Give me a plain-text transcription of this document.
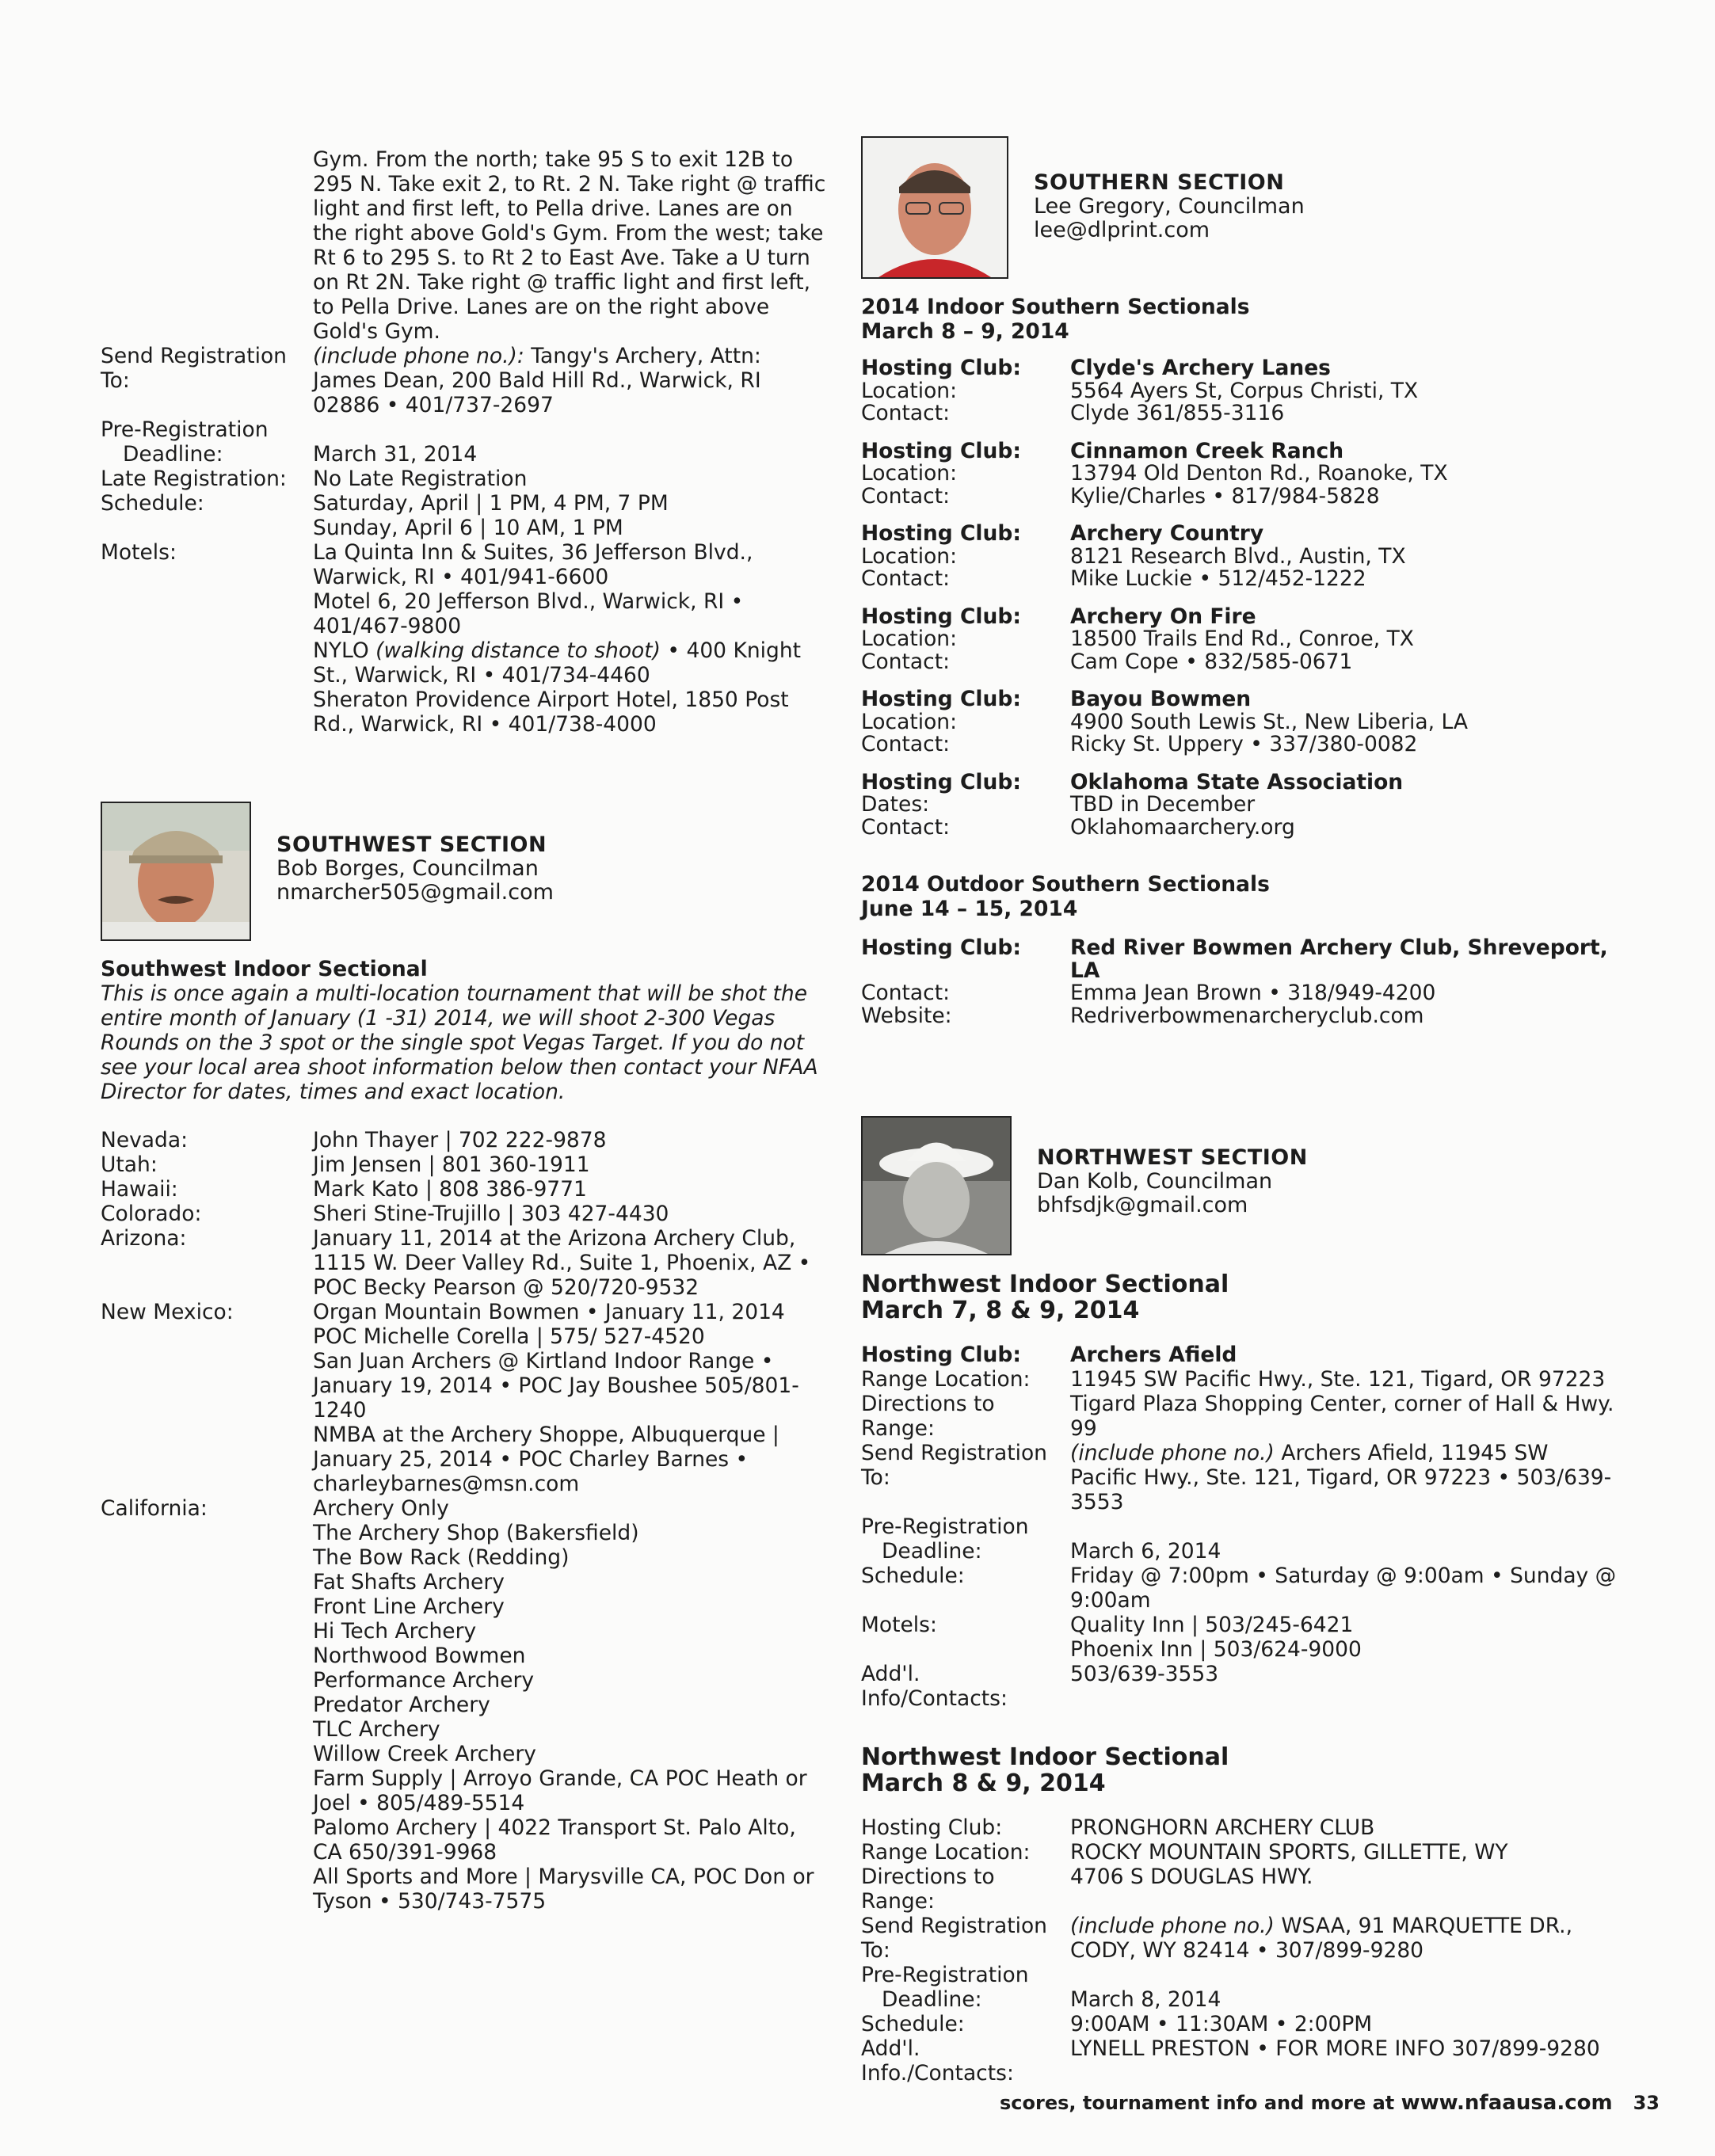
Gym. From the north; take 95 S to exit 12B to 295 N. Take exit 2, to Rt. 2 N. Take right @ traffic light and first left, to Pella drive. Lanes are on the right above Gold's Gym. From the west; take Rt 6 to 295 S. to Rt 2 to East Ave. Take a U turn on Rt 2N. Take right @ traffic light and first left, to Pella Drive. Lanes are on the right above Gold's Gym.
Send Registration To:
(include phone no.): Tangy's Archery, Attn: James Dean, 200 Bald Hill Rd., Warwick, RI 02886 • 401/737-2697
Pre-Registration
Deadline:
	March 31, 2014
Late Registration:	No Late Registration
Schedule:	Saturday, April | 1 PM, 4 PM, 7 PM
Sunday, April 6 | 10 AM, 1 PM
Motels:	La Quinta Inn & Suites, 36 Jefferson Blvd., Warwick, RI • 401/941-6600
Motel 6, 20 Jefferson Blvd., Warwick, RI • 401/467-9800
NYLO (walking distance to shoot) • 400 Knight St., Warwick, RI • 401/734-4460
Sheraton Providence Airport Hotel, 1850 Post Rd., Warwick, RI • 401/738-4000
SOUTHWEST SECTION
Bob Borges, Councilman
nmarcher505@gmail.com
Southwest Indoor Sectional
This is once again a multi-location tournament that will be shot the entire month of January (1 -31) 2014, we will shoot 2-300 Vegas Rounds on the 3 spot or the single spot Vegas Target. If you do not see your local area shoot information below then contact your NFAA Director for dates, times and exact location.
Nevada:	John Thayer | 702 222-9878
Utah:	Jim Jensen | 801 360-1911
Hawaii:	Mark Kato | 808 386-9771
Colorado:	Sheri Stine-Trujillo | 303 427-4430
Arizona:	January 11, 2014 at the Arizona Archery Club, 1115 W. Deer Valley Rd., Suite 1, Phoenix, AZ • POC Becky Pearson @ 520/720-9532
New Mexico:	Organ Mountain Bowmen • January 11, 2014 POC Michelle Corella | 575/ 527-4520
San Juan Archers @ Kirtland Indoor Range • January 19, 2014 • POC Jay Boushee 505/801-1240
NMBA at the Archery Shoppe, Albuquerque | January 25, 2014 • POC Charley Barnes • charleybarnes@msn.com
California:	Archery Only
The Archery Shop (Bakersfield)
The Bow Rack (Redding)
Fat Shafts Archery
Front Line Archery
Hi Tech Archery
Northwood Bowmen
Performance Archery
Predator Archery
TLC Archery
Willow Creek Archery
Farm Supply | Arroyo Grande, CA POC Heath or Joel • 805/489-5514
Palomo Archery | 4022 Transport St. Palo Alto, CA 650/391-9968
All Sports and More | Marysville CA, POC Don or Tyson • 530/743-7575
SOUTHERN SECTION
Lee Gregory, Councilman
lee@dlprint.com
2014 Indoor Southern Sectionals
March 8 – 9, 2014
Hosting Club:	Clyde's Archery Lanes
Location:	5564 Ayers St, Corpus Christi, TX
Contact:	Clyde 361/855-3116
Hosting Club:	Cinnamon Creek Ranch
Location:	13794 Old Denton Rd., Roanoke, TX
Contact:	Kylie/Charles • 817/984-5828
Hosting Club:	Archery Country
Location:	8121 Research Blvd., Austin, TX
Contact:	Mike Luckie • 512/452-1222
Hosting Club:	Archery On Fire
Location:	18500 Trails End Rd., Conroe, TX
Contact:	Cam Cope • 832/585-0671
Hosting Club:	Bayou Bowmen
Location:	4900 South Lewis St., New Liberia, LA
Contact:	Ricky St. Uppery • 337/380-0082
Hosting Club:	Oklahoma State Association
Dates:	TBD in December
Contact:	Oklahomaarchery.org
2014 Outdoor Southern Sectionals
June 14 – 15, 2014
Hosting Club:	Red River Bowmen Archery Club, Shreveport, LA
Contact:	Emma Jean Brown • 318/949-4200
Website:	Redriverbowmenarcheryclub.com
NORTHWEST SECTION
Dan Kolb, Councilman
bhfsdjk@gmail.com
Northwest Indoor Sectional
March 7, 8 & 9, 2014
Hosting Club:	Archers Afield
Range Location:	11945 SW Pacific Hwy., Ste. 121, Tigard, OR 97223
Directions to Range:
Tigard Plaza Shopping Center, corner of Hall & Hwy. 99
Send Registration To:
(include phone no.) Archers Afield, 11945 SW Pacific Hwy., Ste. 121, Tigard, OR 97223 • 503/639-3553
Pre-Registration
Deadline:
	March 6, 2014
Schedule:	Friday @ 7:00pm • Saturday @ 9:00am • Sunday @ 9:00am
Motels:	Quality Inn | 503/245-6421
Phoenix Inn | 503/624-9000
Add'l. Info/Contacts:
503/639-3553
Northwest Indoor Sectional
March 8 & 9, 2014
Hosting Club:	PRONGHORN ARCHERY CLUB
Range Location:	ROCKY MOUNTAIN SPORTS, GILLETTE, WY
Directions to Range:
4706 S DOUGLAS HWY.
Send Registration To:
(include phone no.) WSAA, 91 MARQUETTE DR., CODY, WY 82414 • 307/899-9280
Pre-Registration
Deadline:
	March 8, 2014
Schedule:	9:00AM • 11:30AM • 2:00PM
Add'l. Info./Contacts:
LYNELL PRESTON • FOR MORE INFO 307/899-9280
scores, tournament info and more at www.nfaausa.com 33
